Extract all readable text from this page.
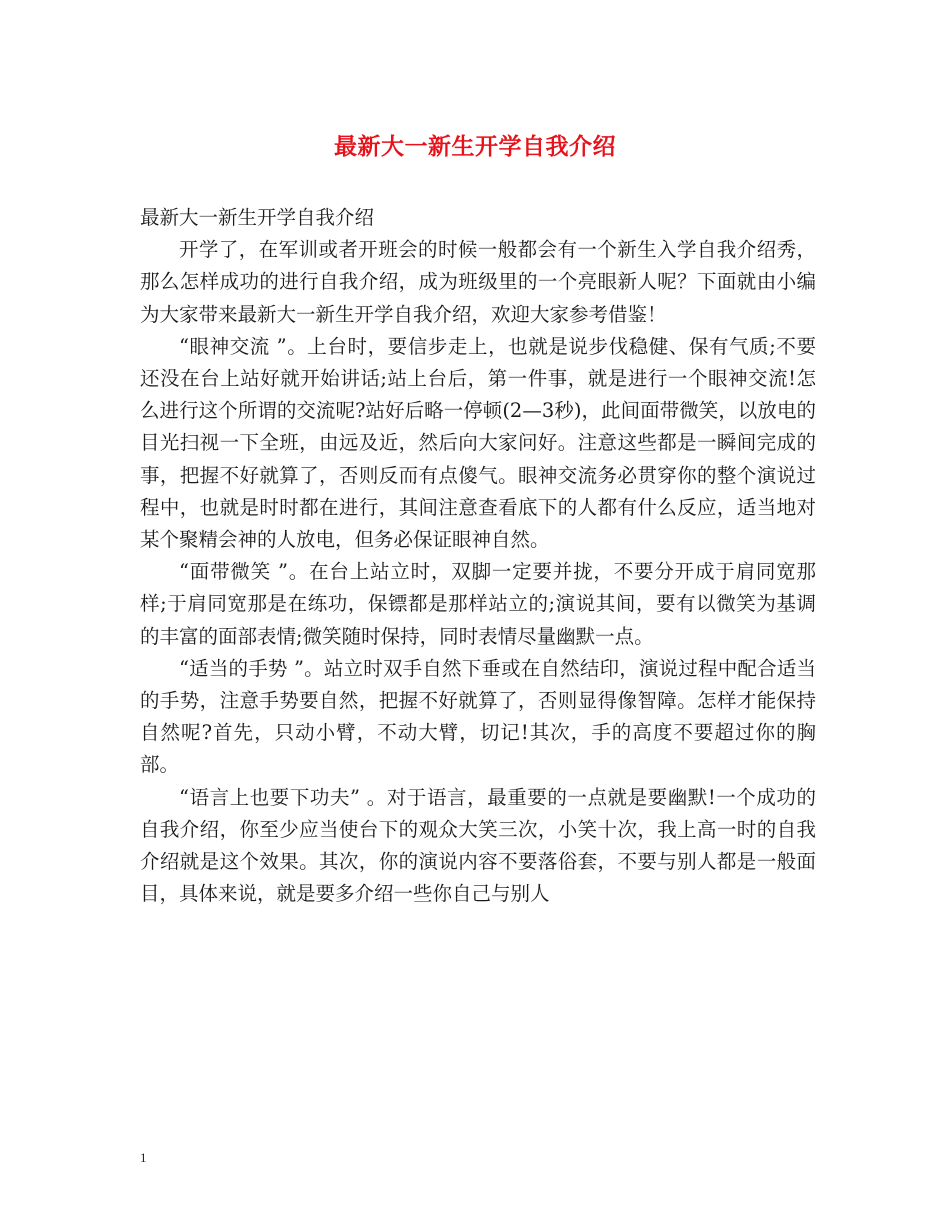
最新大一新生开学自我介绍

最新大一新生开学自我介绍

开学了，在军训或者开班会的时候一般都会有一个新生入学自我介绍秀，那么怎样成功的进行自我介绍，成为班级里的一个亮眼新人呢？下面就由小编为大家带来最新大一新生开学自我介绍，欢迎大家参考借鉴！

“眼神交流 ”。上台时，要信步走上，也就是说步伐稳健、保有气质;不要还没在台上站好就开始讲话;站上台后，第一件事，就是进行一个眼神交流!怎么进行这个所谓的交流呢?站好后略一停顿(2—3秒)，此间面带微笑，以放电的目光扫视一下全班，由远及近，然后向大家问好。注意这些都是一瞬间完成的事，把握不好就算了，否则反而有点傻气。眼神交流务必贯穿你的整个演说过程中，也就是时时都在进行，其间注意查看底下的人都有什么反应，适当地对某个聚精会神的人放电，但务必保证眼神自然。

“面带微笑 ”。在台上站立时，双脚一定要并拢，不要分开成于肩同宽那样;于肩同宽那是在练功，保镖都是那样站立的;演说其间，要有以微笑为基调的丰富的面部表情;微笑随时保持，同时表情尽量幽默一点。

“适当的手势 ”。站立时双手自然下垂或在自然结印，演说过程中配合适当的手势，注意手势要自然，把握不好就算了，否则显得像智障。怎样才能保持自然呢?首先，只动小臂，不动大臂，切记!其次，手的高度不要超过你的胸部。

“语言上也要下功夫” 。对于语言，最重要的一点就是要幽默!一个成功的自我介绍，你至少应当使台下的观众大笑三次，小笑十次，我上高一时的自我介绍就是这个效果。其次，你的演说内容不要落俗套，不要与别人都是一般面目，具体来说，就是要多介绍一些你自己与别人

1
